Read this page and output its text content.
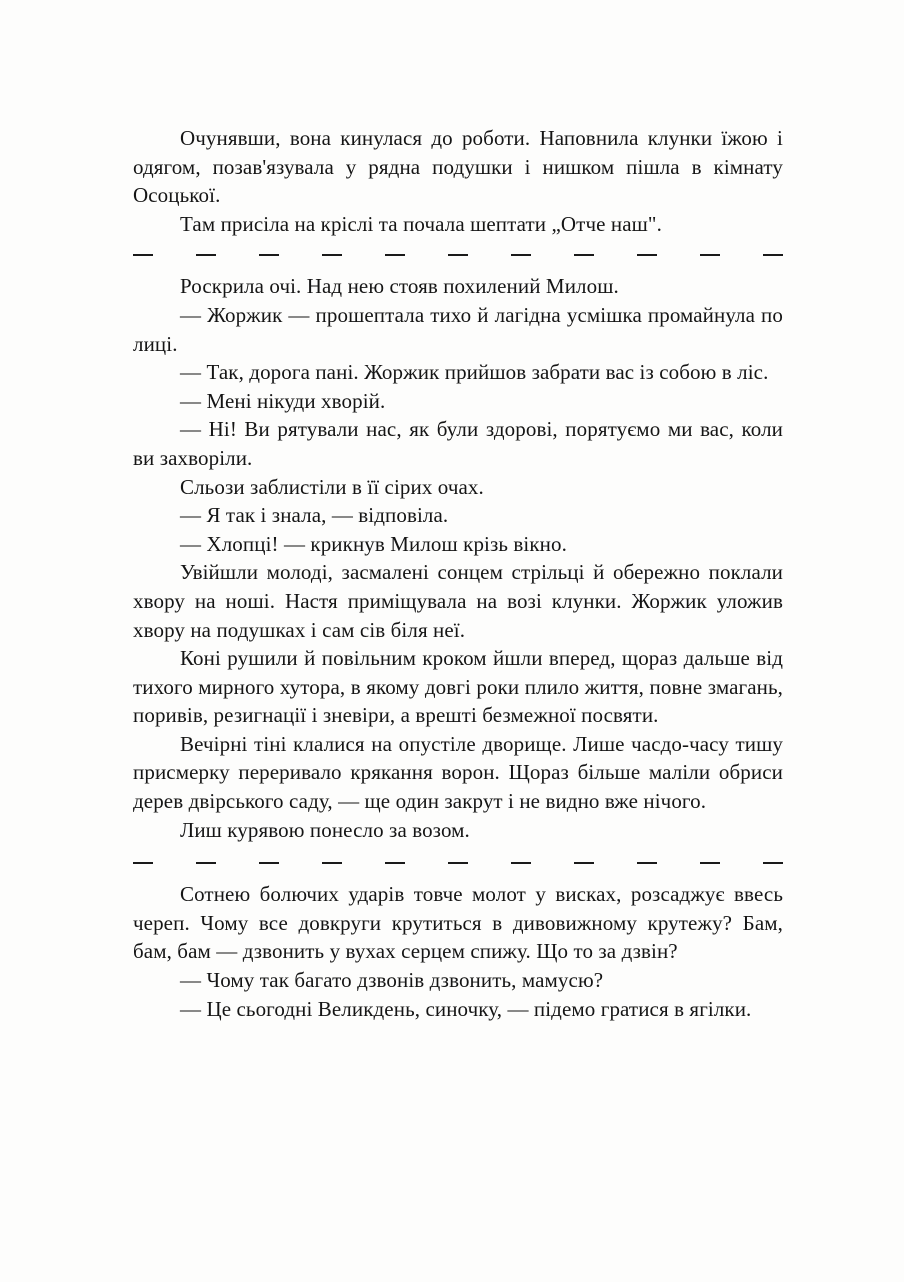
Очунявши, вона кинулася до роботи. Наповнила клунки їжою і одягом, позав'язувала у рядна подушки і нишком пішла в кімнату Осоцької.

Там присіла на кріслі та почала шептати „Отче наш".

Роскрила очі. Над нею стояв похилений Милош.

— Жоржик — прошептала тихо й лагідна усмішка промайнула по лиці.

— Так, дорога пані. Жоржик прийшов забрати вас із собою в ліс.

— Мені нікуди хворій.

— Ні! Ви рятували нас, як були здорові, порятуємо ми вас, коли ви захворіли.

Сльози заблистіли в її сірих очах.

— Я так і знала, — відповіла.

— Хлопці! — крикнув Милош крізь вікно.

Увійшли молоді, засмалені сонцем стрільці й обережно поклали хвору на ноші. Настя приміщувала на возі клунки. Жоржик уложив хвору на подушках і сам сів біля неї.

Коні рушили й повільним кроком йшли вперед, щораз дальше від тихого мирного хутора, в якому довгі роки плило життя, повне змагань, поривів, резигнації і зневіри, а врешті безмежної посвяти.

Вечірні тіні клалися на опустіле дворище. Лише часдо-часу тишу присмерку переривало крякання ворон. Щораз більше маліли обриси дерев двірського саду, — ще один закрут і не видно вже нічого.

Лиш курявою понесло за возом.

Сотнею болючих ударів товче молот у висках, розсаджує ввесь череп. Чому все довкруги крутиться в дивовижному крутежу? Бам, бам, бам — дзвонить у вухах серцем спижу. Що то за дзвін?

— Чому так багато дзвонів дзвонить, мамусю?

— Це сьогодні Великдень, синочку, — підемо гратися в ягілки.
